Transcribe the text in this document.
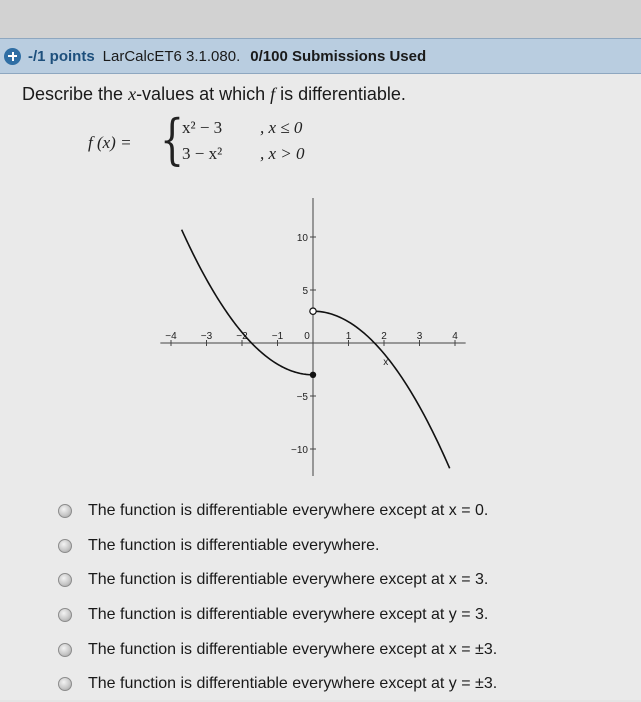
-/1 points LarCalcET6 3.1.080. 0/100 Submissions Used
Describe the x-values at which f is differentiable.
f (x) = {
x² − 3 , x ≤ 0
3 − x² , x > 0
−4 −3 −2 −1 0	1	2	3	4
10
5
−5
−10
x
The function is differentiable everywhere except at x = 0.
The function is differentiable everywhere.
The function is differentiable everywhere except at x = 3.
The function is differentiable everywhere except at y = 3.
The function is differentiable everywhere except at x = ±3.
The function is differentiable everywhere except at y = ±3.
